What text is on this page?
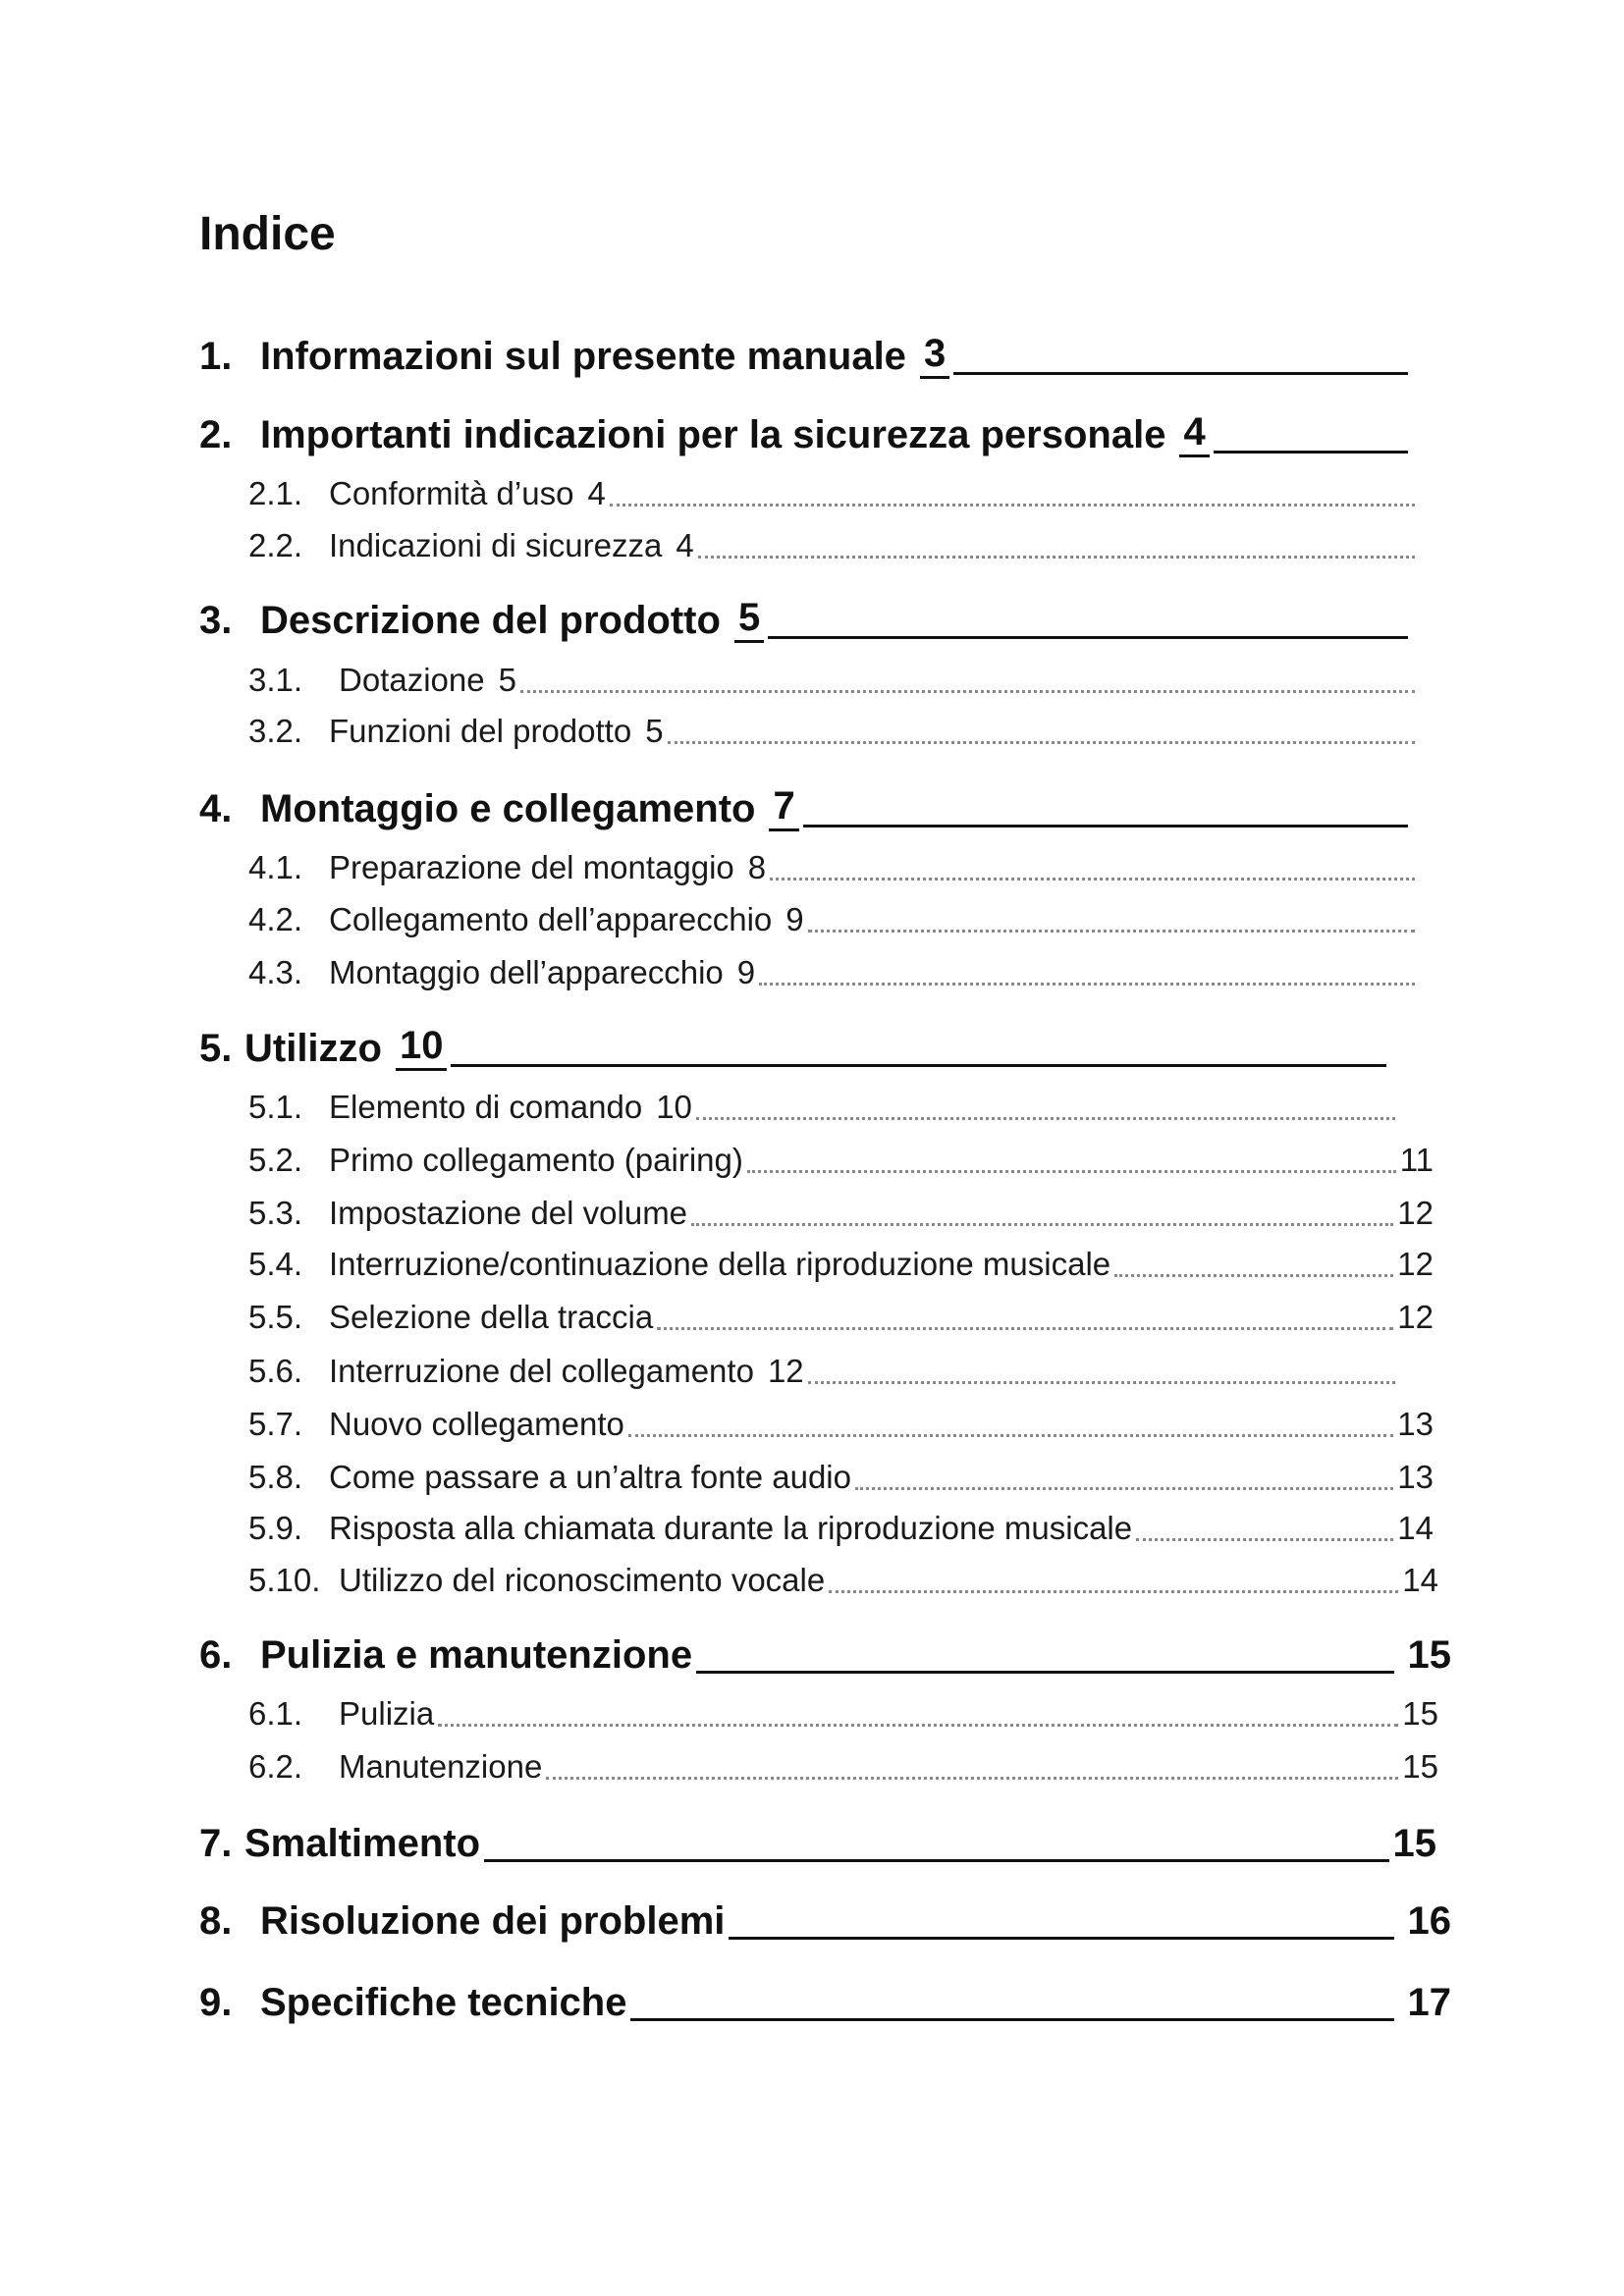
Indice
1. Informazioni sul presente manuale 3
2. Importanti indicazioni per la sicurezza personale 4
2.1. Conformità d’uso 4
2.2. Indicazioni di sicurezza 4
3. Descrizione del prodotto 5
3.1.	Dotazione 5
3.2. Funzioni del prodotto 5
4. Montaggio e collegamento 7
4.1. Preparazione del montaggio 8
4.2. Collegamento dell’apparecchio 9
4.3. Montaggio dell’apparecchio 9
5. Utilizzo 10
5.1. Elemento di comando 10
5.2. Primo collegamento (pairing)	11
5.3. Impostazione del volume	12
5.4. Interruzione/continuazione della riproduzione musicale	12
5.5. Selezione della traccia	12
5.6. Interruzione del collegamento 12
5.7. Nuovo collegamento	13
5.8. Come passare a un’altra fonte audio	13
5.9. Risposta alla chiamata durante la riproduzione musicale	14
5.10. Utilizzo del riconoscimento vocale	14
6. Pulizia e manutenzione	15
6.1.	Pulizia	15
6.2.	Manutenzione	15
7. Smaltimento	15
8. Risoluzione dei problemi	16
9. Specifiche tecniche	17
